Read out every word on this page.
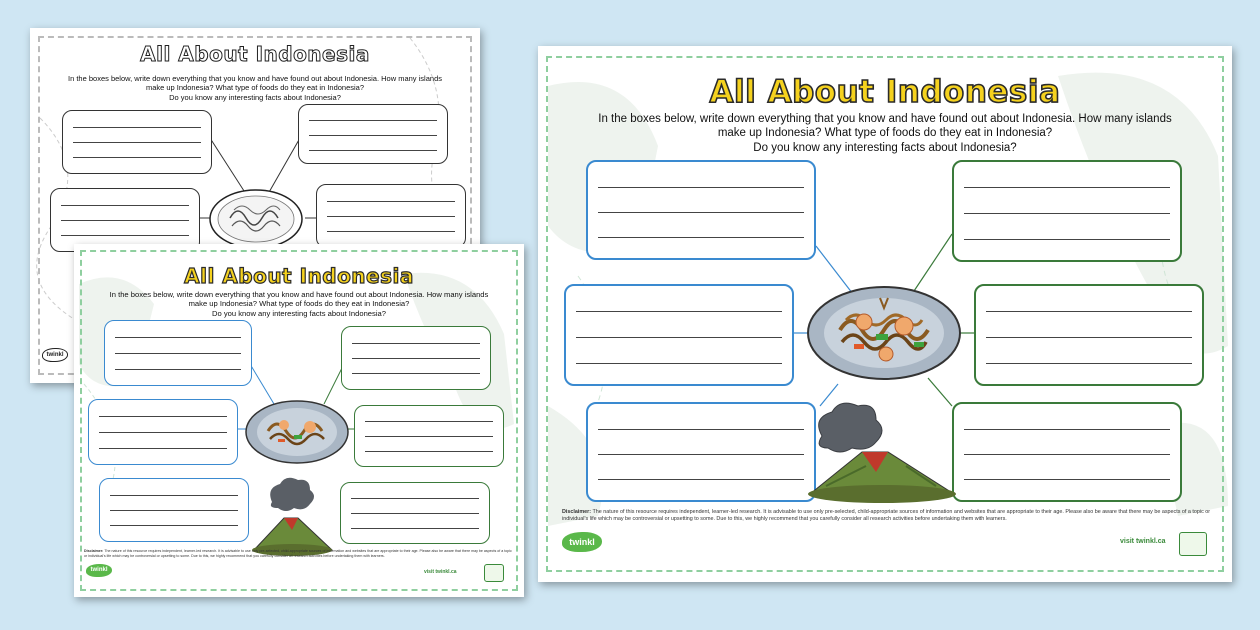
All About Indonesia
In the boxes below, write down everything that you know and have found out about Indonesia. How many islands
make up Indonesia? What type of foods do they eat in Indonesia?
Do you know any interesting facts about Indonesia?
twinkl
All About Indonesia
In the boxes below, write down everything that you know and have found out about Indonesia. How many islands
make up Indonesia? What type of foods do they eat in Indonesia?
Do you know any interesting facts about Indonesia?
Disclaimer: The nature of this resource requires independent, learner-led research. It is advisable to use only pre-selected, child-appropriate sources of information and websites that are appropriate to their age. Please also be aware that there may be aspects of a topic or individual's life which may be controversial or upsetting to some. Due to this, we highly recommend that you carefully consider all research activities before undertaking them with learners.
twinkl	visit twinkl.ca
All About Indonesia
In the boxes below, write down everything that you know and have found out about Indonesia. How many islands
make up Indonesia? What type of foods do they eat in Indonesia?
Do you know any interesting facts about Indonesia?
Disclaimer: The nature of this resource requires independent, learner-led research. It is advisable to use only pre-selected, child-appropriate sources of information and websites that are appropriate to their age. Please also be aware that there may be aspects of a topic or individual's life which may be controversial or upsetting to some. Due to this, we highly recommend that you carefully consider all research activities before undertaking them with learners.
twinkl	visit twinkl.ca
